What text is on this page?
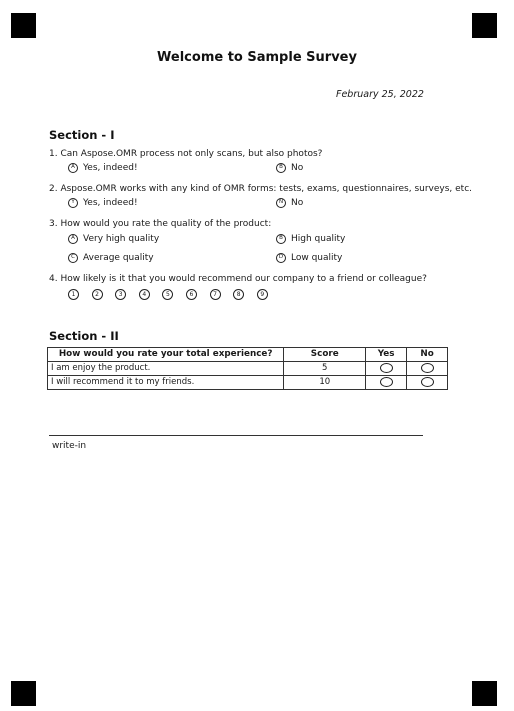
Welcome to Sample Survey
February 25, 2022
Section - I
1. Can Aspose.OMR process not only scans, but also photos?
A Yes, indeed!	B No
2. Aspose.OMR works with any kind of OMR forms: tests, exams, questionnaires, surveys, etc.
Y Yes, indeed!	N No
3. How would you rate the quality of the product:
A Very high quality	B High quality
C Average quality	D Low quality
4. How likely is it that you would recommend our company to a friend or colleague?
1	2	3	4	5	6	7	8	9
Section - II
How would you rate your total experience?	Score	Yes	No
I am enjoy the product.	5		
I will recommend it to my friends.	10		
write-in
